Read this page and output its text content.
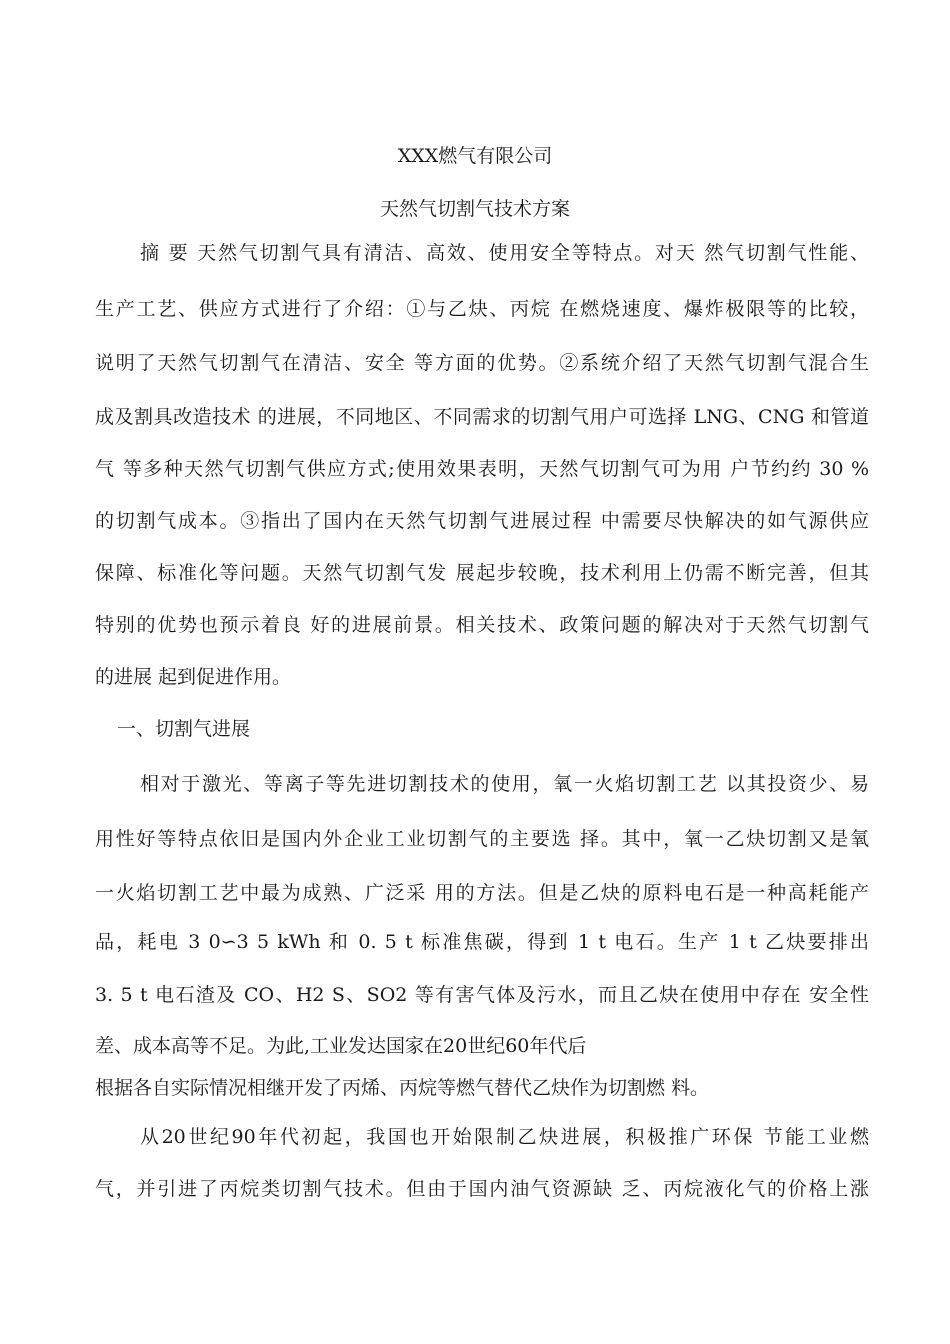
XXX燃气有限公司
天然气切割气技术方案
摘 要 天然气切割气具有清洁、高效、使用安全等特点。对天 然气切割气性能、
生产工艺、供应方式进行了介绍：①与乙炔、丙烷 在燃烧速度、爆炸极限等的比较，
说明了天然气切割气在清洁、安全 等方面的优势。②系统介绍了天然气切割气混合生
成及割具改造技术 的进展，不同地区、不同需求的切割气用户可选择 LNG、CNG 和管道
气 等多种天然气切割气供应方式;使用效果表明，天然气切割气可为用 户节约约 30 %
的切割气成本。③指出了国内在天然气切割气进展过程 中需要尽快解决的如气源供应
保障、标准化等问题。天然气切割气发 展起步较晚，技术利用上仍需不断完善，但其
特别的优势也预示着良 好的进展前景。相关技术、政策问题的解决对于天然气切割气
的进展 起到促进作用。
一、切割气进展
相对于激光、等离子等先进切割技术的使用，氧一火焰切割工艺 以其投资少、易
用性好等特点依旧是国内外企业工业切割气的主要选 择。其中，氧一乙炔切割又是氧
一火焰切割工艺中最为成熟、广泛采 用的方法。但是乙炔的原料电石是一种高耗能产
品，耗电 3 0∽3 5 kWh 和 0. 5 t 标准焦碳，得到 1 t 电石。生产 1 t 乙炔要排出
3. 5 t 电石渣及 CO、H2 S、SO2 等有害气体及污水，而且乙炔在使用中存在 安全性
差、成本高等不足。为此,工业发达国家在20世纪60年代后
根据各自实际情况相继开发了丙烯、丙烷等燃气替代乙炔作为切割燃 料。
从20世纪90年代初起，我国也开始限制乙炔进展，积极推广环保 节能工业燃
气，并引进了丙烷类切割气技术。但由于国内油气资源缺 乏、丙烷液化气的价格上涨
